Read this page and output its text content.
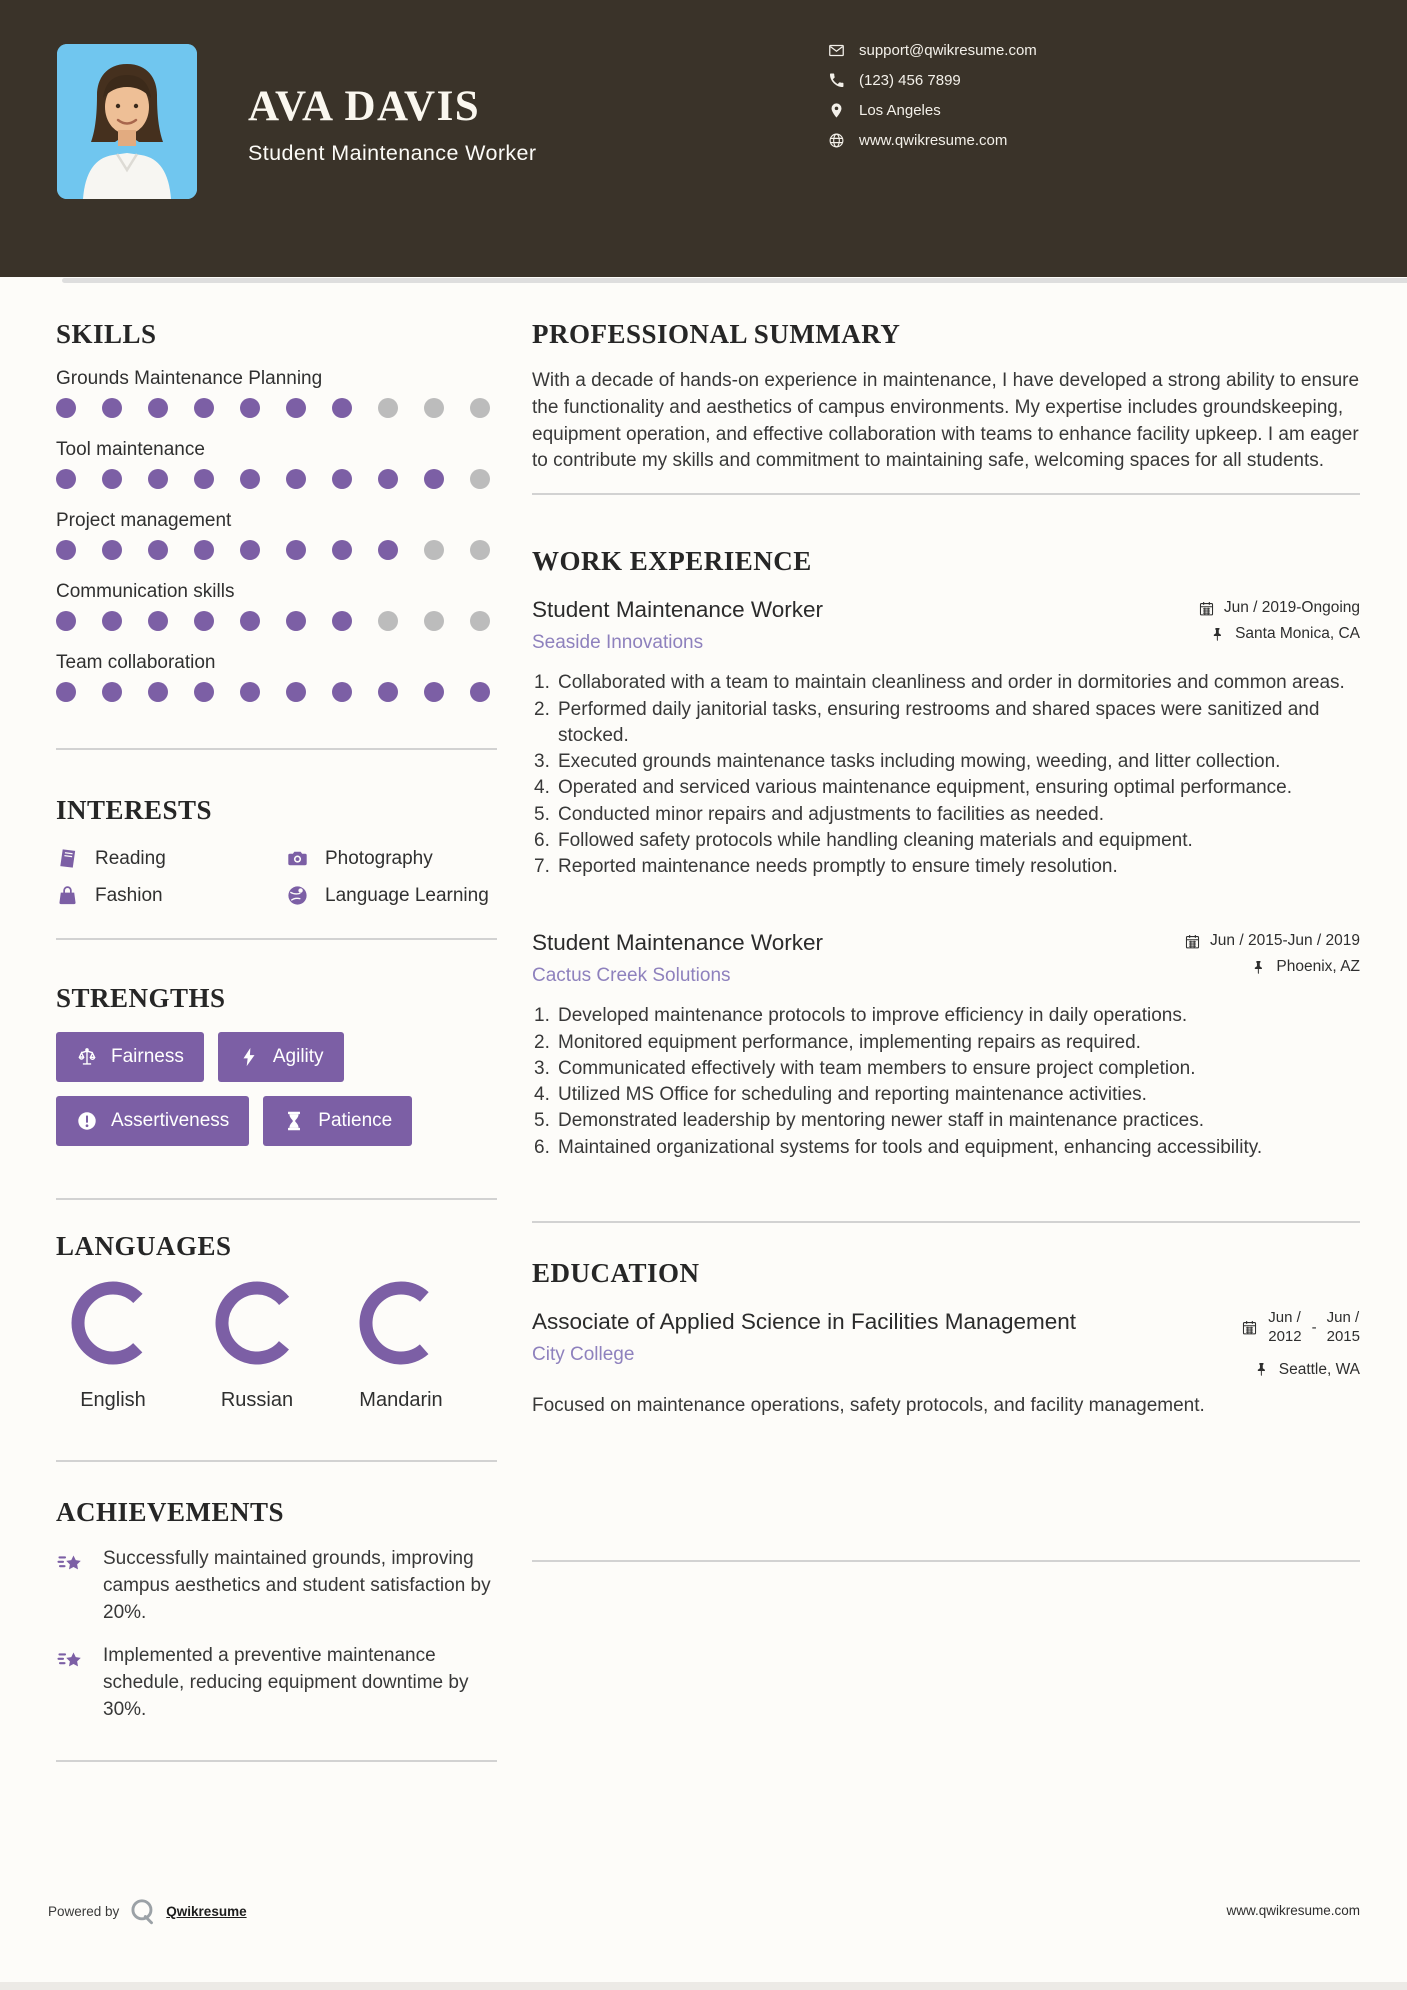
AVA DAVIS
Student Maintenance Worker
support@qwikresume.com
(123) 456 7899
Los Angeles
www.qwikresume.com
SKILLS
Grounds Maintenance Planning
Tool maintenance
Project management
Communication skills
Team collaboration
INTERESTS
Reading	Photography
Fashion	Language Learning
STRENGTHS
Fairness	Agility
Assertiveness	Patience
LANGUAGES
English	Russian	Mandarin
ACHIEVEMENTS
Successfully maintained grounds, improving campus aesthetics and student satisfaction by 20%.
Implemented a preventive maintenance schedule, reducing equipment downtime by 30%.
PROFESSIONAL SUMMARY

With a decade of hands-on experience in maintenance, I have developed a strong ability to ensure the functionality and aesthetics of campus environments. My expertise includes groundskeeping, equipment operation, and effective collaboration with teams to enhance facility upkeep. I am eager to contribute my skills and commitment to maintaining safe, welcoming spaces for all students.

WORK EXPERIENCE
Student Maintenance Worker
Seaside Innovations
Jun / 2019-Ongoing
Santa Monica, CA
Collaborated with a team to maintain cleanliness and order in dormitories and common areas.
Performed daily janitorial tasks, ensuring restrooms and shared spaces were sanitized and stocked.
Executed grounds maintenance tasks including mowing, weeding, and litter collection.
Operated and serviced various maintenance equipment, ensuring optimal performance.
Conducted minor repairs and adjustments to facilities as needed.
Followed safety protocols while handling cleaning materials and equipment.
Reported maintenance needs promptly to ensure timely resolution.
Student Maintenance Worker
Cactus Creek Solutions
Jun / 2015-Jun / 2019
Phoenix, AZ
Developed maintenance protocols to improve efficiency in daily operations.
Monitored equipment performance, implementing repairs as required.
Communicated effectively with team members to ensure project completion.
Utilized MS Office for scheduling and reporting maintenance activities.
Demonstrated leadership by mentoring newer staff in maintenance practices.
Maintained organizational systems for tools and equipment, enhancing accessibility.
EDUCATION
Associate of Applied Science in Facilities Management
City College
Jun /
2012 -
Jun /
2015
Seattle, WA

Focused on maintenance operations, safety protocols, and facility management.

Powered by	Qwikresume	www.qwikresume.com
